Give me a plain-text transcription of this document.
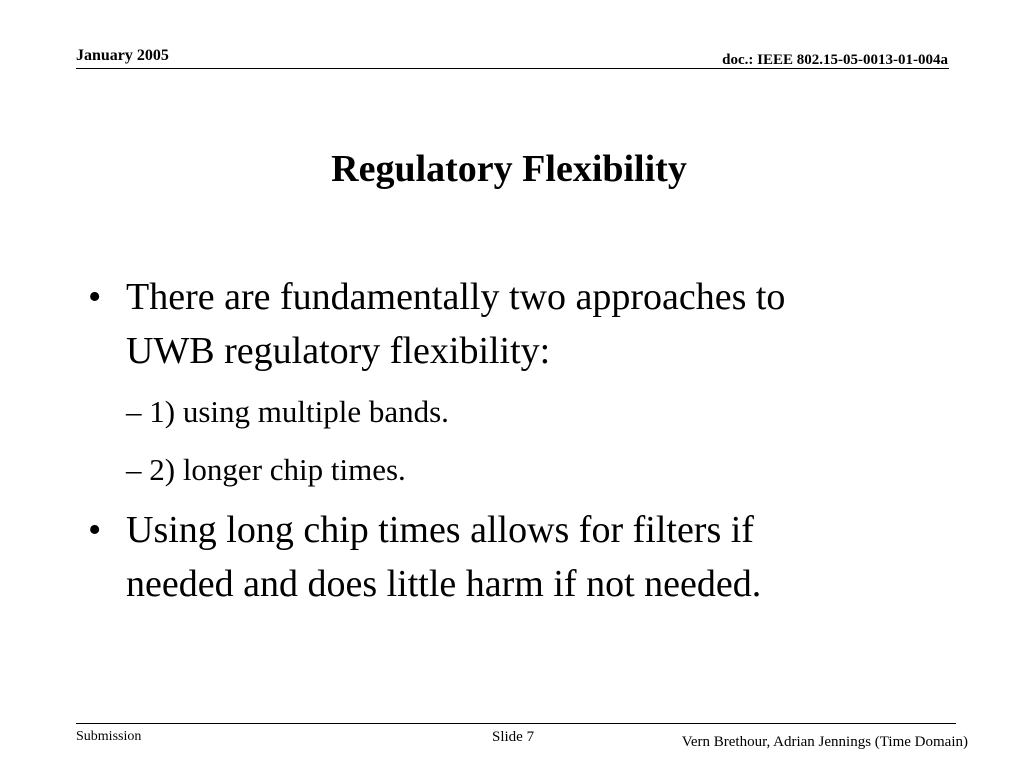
January 2005	doc.: IEEE 802.15-05-0013-01-004a
Regulatory Flexibility
• There are fundamentally two approaches to
UWB regulatory flexibility:
– 1) using multiple bands.
– 2) longer chip times.
• Using long chip times allows for filters if
needed and does little harm if not needed.
Submission	Slide 7	Vern Brethour, Adrian Jennings (Time Domain)
